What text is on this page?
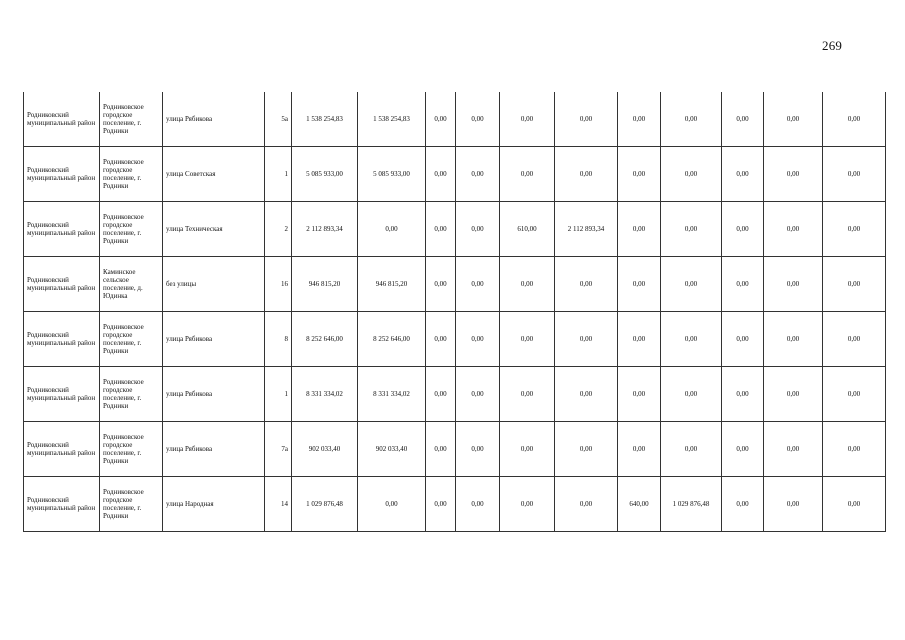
269
Родниковский муниципальный район	Родниковское городское поселение, г. Родники	улица Рябикова	5а	1 538 254,83	1 538 254,83	0,00	0,00	0,00	0,00	0,00	0,00	0,00	0,00	0,00
Родниковский муниципальный район	Родниковское городское поселение, г. Родники	улица Советская	1	5 085 933,00	5 085 933,00	0,00	0,00	0,00	0,00	0,00	0,00	0,00	0,00	0,00
Родниковский муниципальный район	Родниковское городское поселение, г. Родники	улица Техническая	2	2 112 893,34	0,00	0,00	0,00	610,00	2 112 893,34	0,00	0,00	0,00	0,00	0,00
Родниковский муниципальный район	Каминское сельское поселение, д. Юдинка	без улицы	16	946 815,20	946 815,20	0,00	0,00	0,00	0,00	0,00	0,00	0,00	0,00	0,00
Родниковский муниципальный район	Родниковское городское поселение, г. Родники	улица Рябикова	8	8 252 646,00	8 252 646,00	0,00	0,00	0,00	0,00	0,00	0,00	0,00	0,00	0,00
Родниковский муниципальный район	Родниковское городское поселение, г. Родники	улица Рябикова	1	8 331 334,02	8 331 334,02	0,00	0,00	0,00	0,00	0,00	0,00	0,00	0,00	0,00
Родниковский муниципальный район	Родниковское городское поселение, г. Родники	улица Рябикова	7а	902 033,40	902 033,40	0,00	0,00	0,00	0,00	0,00	0,00	0,00	0,00	0,00
Родниковский муниципальный район	Родниковское городское поселение, г. Родники	улица Народная	14	1 029 876,48	0,00	0,00	0,00	0,00	0,00	640,00	1 029 876,48	0,00	0,00	0,00
